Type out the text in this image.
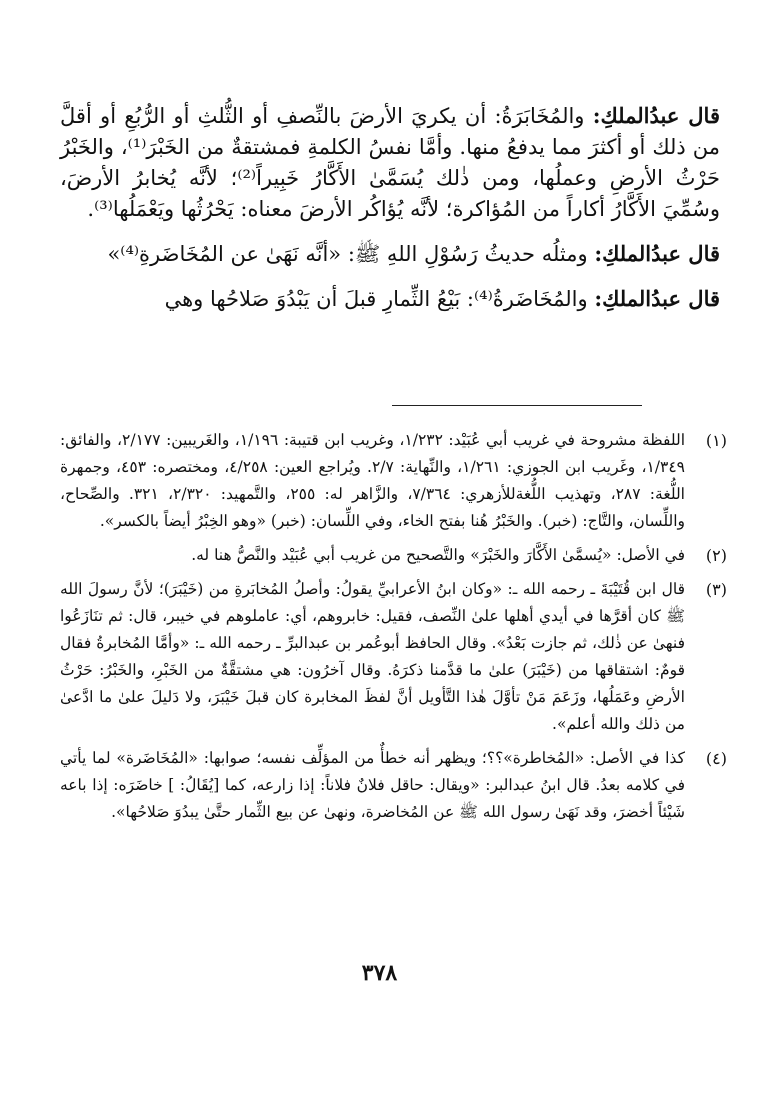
قال عبدُالملكِ: والمُخَابَرَةُ: أن يكريَ الأرضَ بالنِّصفِ أو الثُّلثِ أو الرُّبُعِ أو أقلَّ من ذلك أو أكثرَ مما يدفعُ منها. وأمَّا نفسُ الكلمةِ فمشتقةٌ من الخَبْرَ⁽¹⁾، والخَبْرُ حَرْثُ الأرضِ وعملُها، ومن ذٰلك يُسَمَّىٰ الأَكَّارُ خَبِيراً⁽²⁾؛ لأنَّه يُخابرُ الأرضَ، وسُمِّيَ الأَكَّارُ أكاراً من المُؤاكرة؛ لأنَّه يُؤاكُر الأرضَ معناه: يَحْرُثُها ويَعْمَلُها⁽³⁾.

قال عبدُالملكِ: ومثلُه حديثُ رَسُوْلِ اللهِ ﷺ: «أنَّه نَهَىٰ عن المُخَاضَرةِ⁽⁴⁾»

قال عبدُالملكِ: والمُخَاضَرةُ⁽⁴⁾: بَيْعُ الثِّمارِ قبلَ أن يَبْدُوَ صَلاحُها وهي

(١)
اللفظة مشروحة في غريب أبي عُبَيْد: ١/٢٣٢، وغريب ابن قتيبة: ١/١٩٦، والغَريبين: ٢/١٧٧، والفائق: ١/٣٤٩، وغَريب ابن الجوزي: ١/٢٦١، والنِّهاية: ٢/٧. ويُراجع العين: ٤/٢٥٨، ومختصره: ٤٥٣، وجمهرة اللُّغة: ٢٨٧، وتهذيب اللُّغةللأزهري: ٧/٣٦٤، والزَّاهر له: ٢٥٥، والتَّمهيد: ٢/٣٢٠، ٣٢١. والصِّحاح، واللِّسان، والتَّاج: (خبر). والخَبْرُ هُنا بفتح الخاء، وفي اللِّسان: (خبر) «وهو الخِبْرُ أيضاً بالكسر».
(٢)
في الأصل: «يُسمَّىٰ الأَكَّارَ والخَبْرَ» والتَّصحيح من غريب أبي عُبَيْد والنَّصُّ هنا له.
(٣)
قال ابن قُتَيْبَةَ ـ رحمه الله ـ: «وكان ابنُ الأعرابيِّ يقولُ: وأصلُ المُخابَرةِ من (خَيْبَرَ)؛ لأنَّ رسولَ الله ﷺ كان أقرَّها في أيدي أهلها علىٰ النِّصف، فقيل: خابروهم، أي: عاملوهم في خيبر، قال: ثم تنَازَعُوا فنهىٰ عن ذٰلك، ثم جازت بَعْدُ». وقال الحافظ أبوعُمر بن عبدالبرِّ ـ رحمه الله ـ: «وأمَّا المُخابرةُ فقال قومٌ: اشتقاقها من (خَيْبَرَ) علىٰ ما قدَّمنا ذكرَهُ. وقال آخرُون: هي مشتقَّةٌ من الخَبْرِ، والخَبْرُ: حَرْثُ الأرضِ وعَمَلُها، وزَعَمَ مَنْ تأوَّلَ هٰذا التَّأويل أنَّ لفظَ المخابرة كان قبلَ خَيْبَرَ، ولا دَليلَ علىٰ ما ادَّعىٰ من ذلك والله أعلم».
(٤)
كذا في الأصل: «المُخاطرة»؟؟؛ ويظهر أنه خطأٌ من المؤلِّف نفسه؛ صوابها: «المُخَاضَرة» لما يأتي في كلامه بعدُ. قال ابنُ عبدالبر: «ويقال: حاقل فلانٌ فلاناً: إذا زارعه، كما [يُقَالُ: ] خاضَرَه: إذا باعه شَيْئاً أخضرَ، وقد نَهَىٰ رسول الله ﷺ عن المُخاضرة، ونهىٰ عن بيع الثِّمار حتَّىٰ يبدُوَ صَلاحُها».
٣٧٨
